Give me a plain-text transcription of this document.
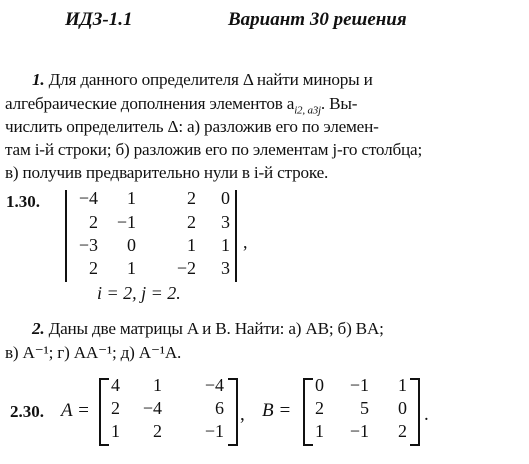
ИДЗ-1.1	Вариант 30 решения
1. Для данного определителя Δ найти миноры и
алгебраические дополнения элементов $a_{i2, a3j}$. Вы-
числить определитель Δ: а) разложив его по элемен-
там i-й строки; б) разложив его по элементам j-го столбца;
в) получив предварительно нули в i-й строке.
1.30.	−4	1	2	0
2	−1	2	3
−3	0	1	1
2	1	−2	3
,
i = 2, j = 2.
2. Даны две матрицы A и B. Найти: а) AB; б) BA;
в) A⁻¹; г) AA⁻¹; д) A⁻¹A.
2.30. A =
4	1	−4
2	−4	6
1	2	−1
, B =
0	−1	1
2	5	0
1	−1	2
.
